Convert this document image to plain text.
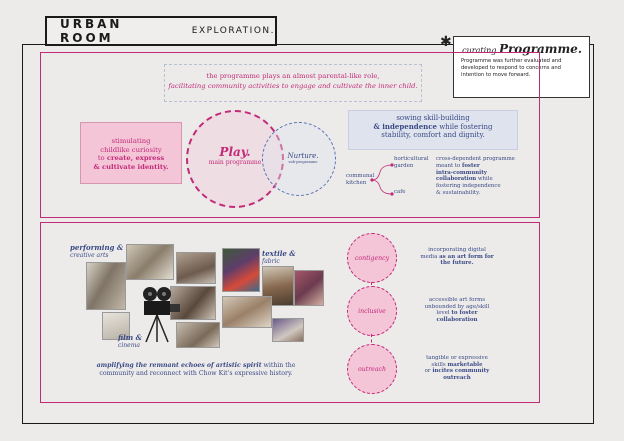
URBAN ROOM	EXPLORATION.
✱
curating Programme.
Programme was further evaluated and developed to respond to concerns and intention to move forward.
the programme plays an almost parental-like role,
facilitating community activities to engage and cultivate the inner child.
stimulating
childlike curiosity
to create, express
& cultivate identity.
Play.
main programme
Nurture.
sub-programme
sowing skill-building
& independence while fostering
stability, comfort and dignity.
communal kitchen
horticultural garden
cafe
cross-dependent programme
meant to foster
intra-community
collaboration while
fostering independence
& sustainability.
performing &
creative arts	textile &
fabric
film &
cinema
amplifying the remnant echoes of artistic spirit within the
community and reconnect with Chow Kit's expressive history.
contigency
inclusive
outreach
incorporating digital
media as an art form for
the future.
accessible art forms
unbounded by age/skill
level to foster
collaboration
tangible or expressive
skills marketable
or incites community
outreach
